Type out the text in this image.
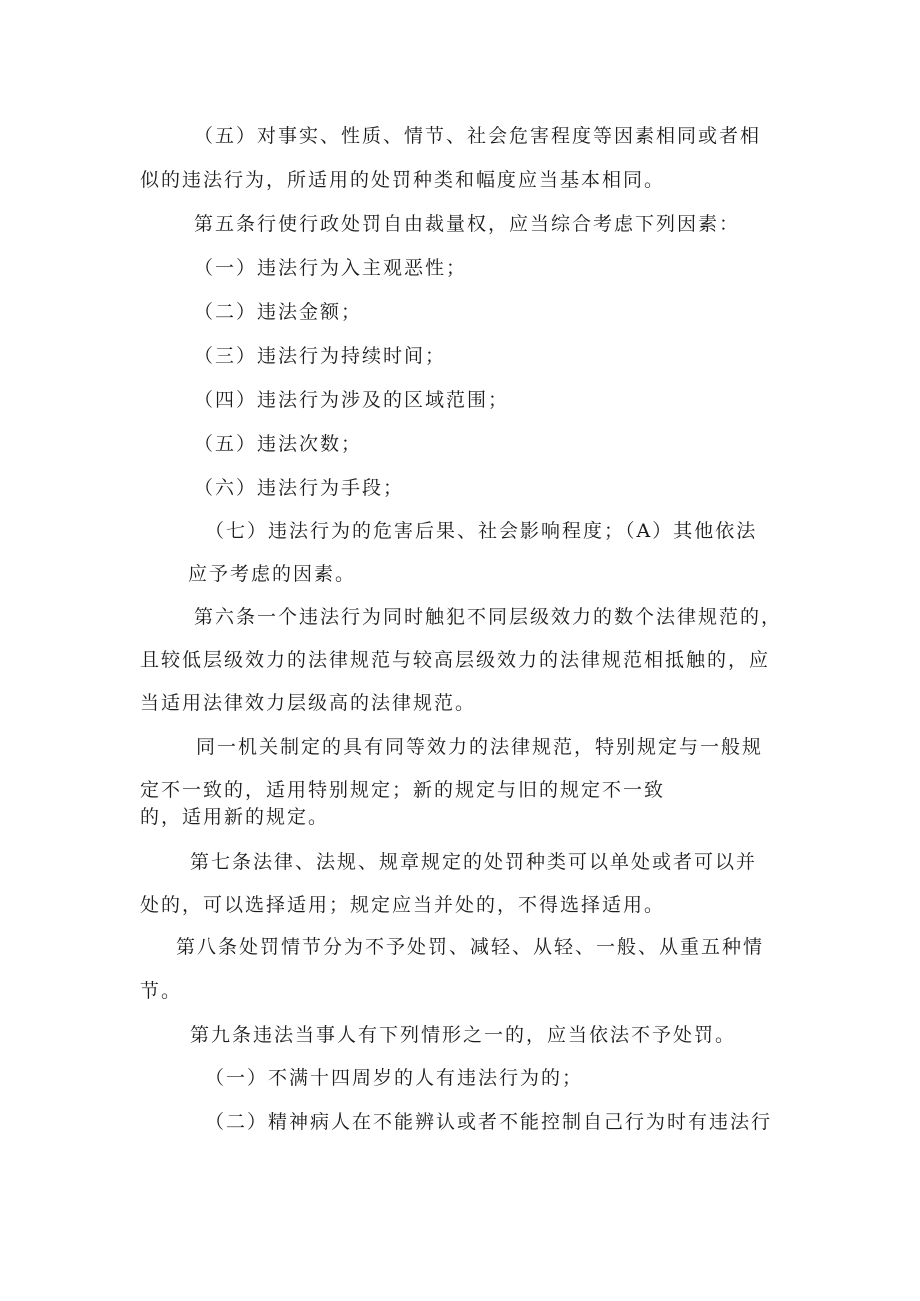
（五）对事实、性质、情节、社会危害程度等因素相同或者相
似的违法行为，所适用的处罚种类和幅度应当基本相同。
第五条行使行政处罚自由裁量权，应当综合考虑下列因素：
（一）违法行为入主观恶性；
（二）违法金额；
（三）违法行为持续时间；
（四）违法行为涉及的区域范围；
（五）违法次数；
（六）违法行为手段；
（七）违法行为的危害后果、社会影响程度；（A）其他依法
应予考虑的因素。
第六条一个违法行为同时触犯不同层级效力的数个法律规范的，
且较低层级效力的法律规范与较高层级效力的法律规范相抵触的，应
当适用法律效力层级高的法律规范。
同一机关制定的具有同等效力的法律规范，特别规定与一般规
定不一致的，适用特别规定；新的规定与旧的规定不一致
的，适用新的规定。
第七条法律、法规、规章规定的处罚种类可以单处或者可以并
处的，可以选择适用；规定应当并处的，不得选择适用。
第八条处罚情节分为不予处罚、减轻、从轻、一般、从重五种情
节。
第九条违法当事人有下列情形之一的，应当依法不予处罚。
（一）不满十四周岁的人有违法行为的；
（二）精神病人在不能辨认或者不能控制自己行为时有违法行
